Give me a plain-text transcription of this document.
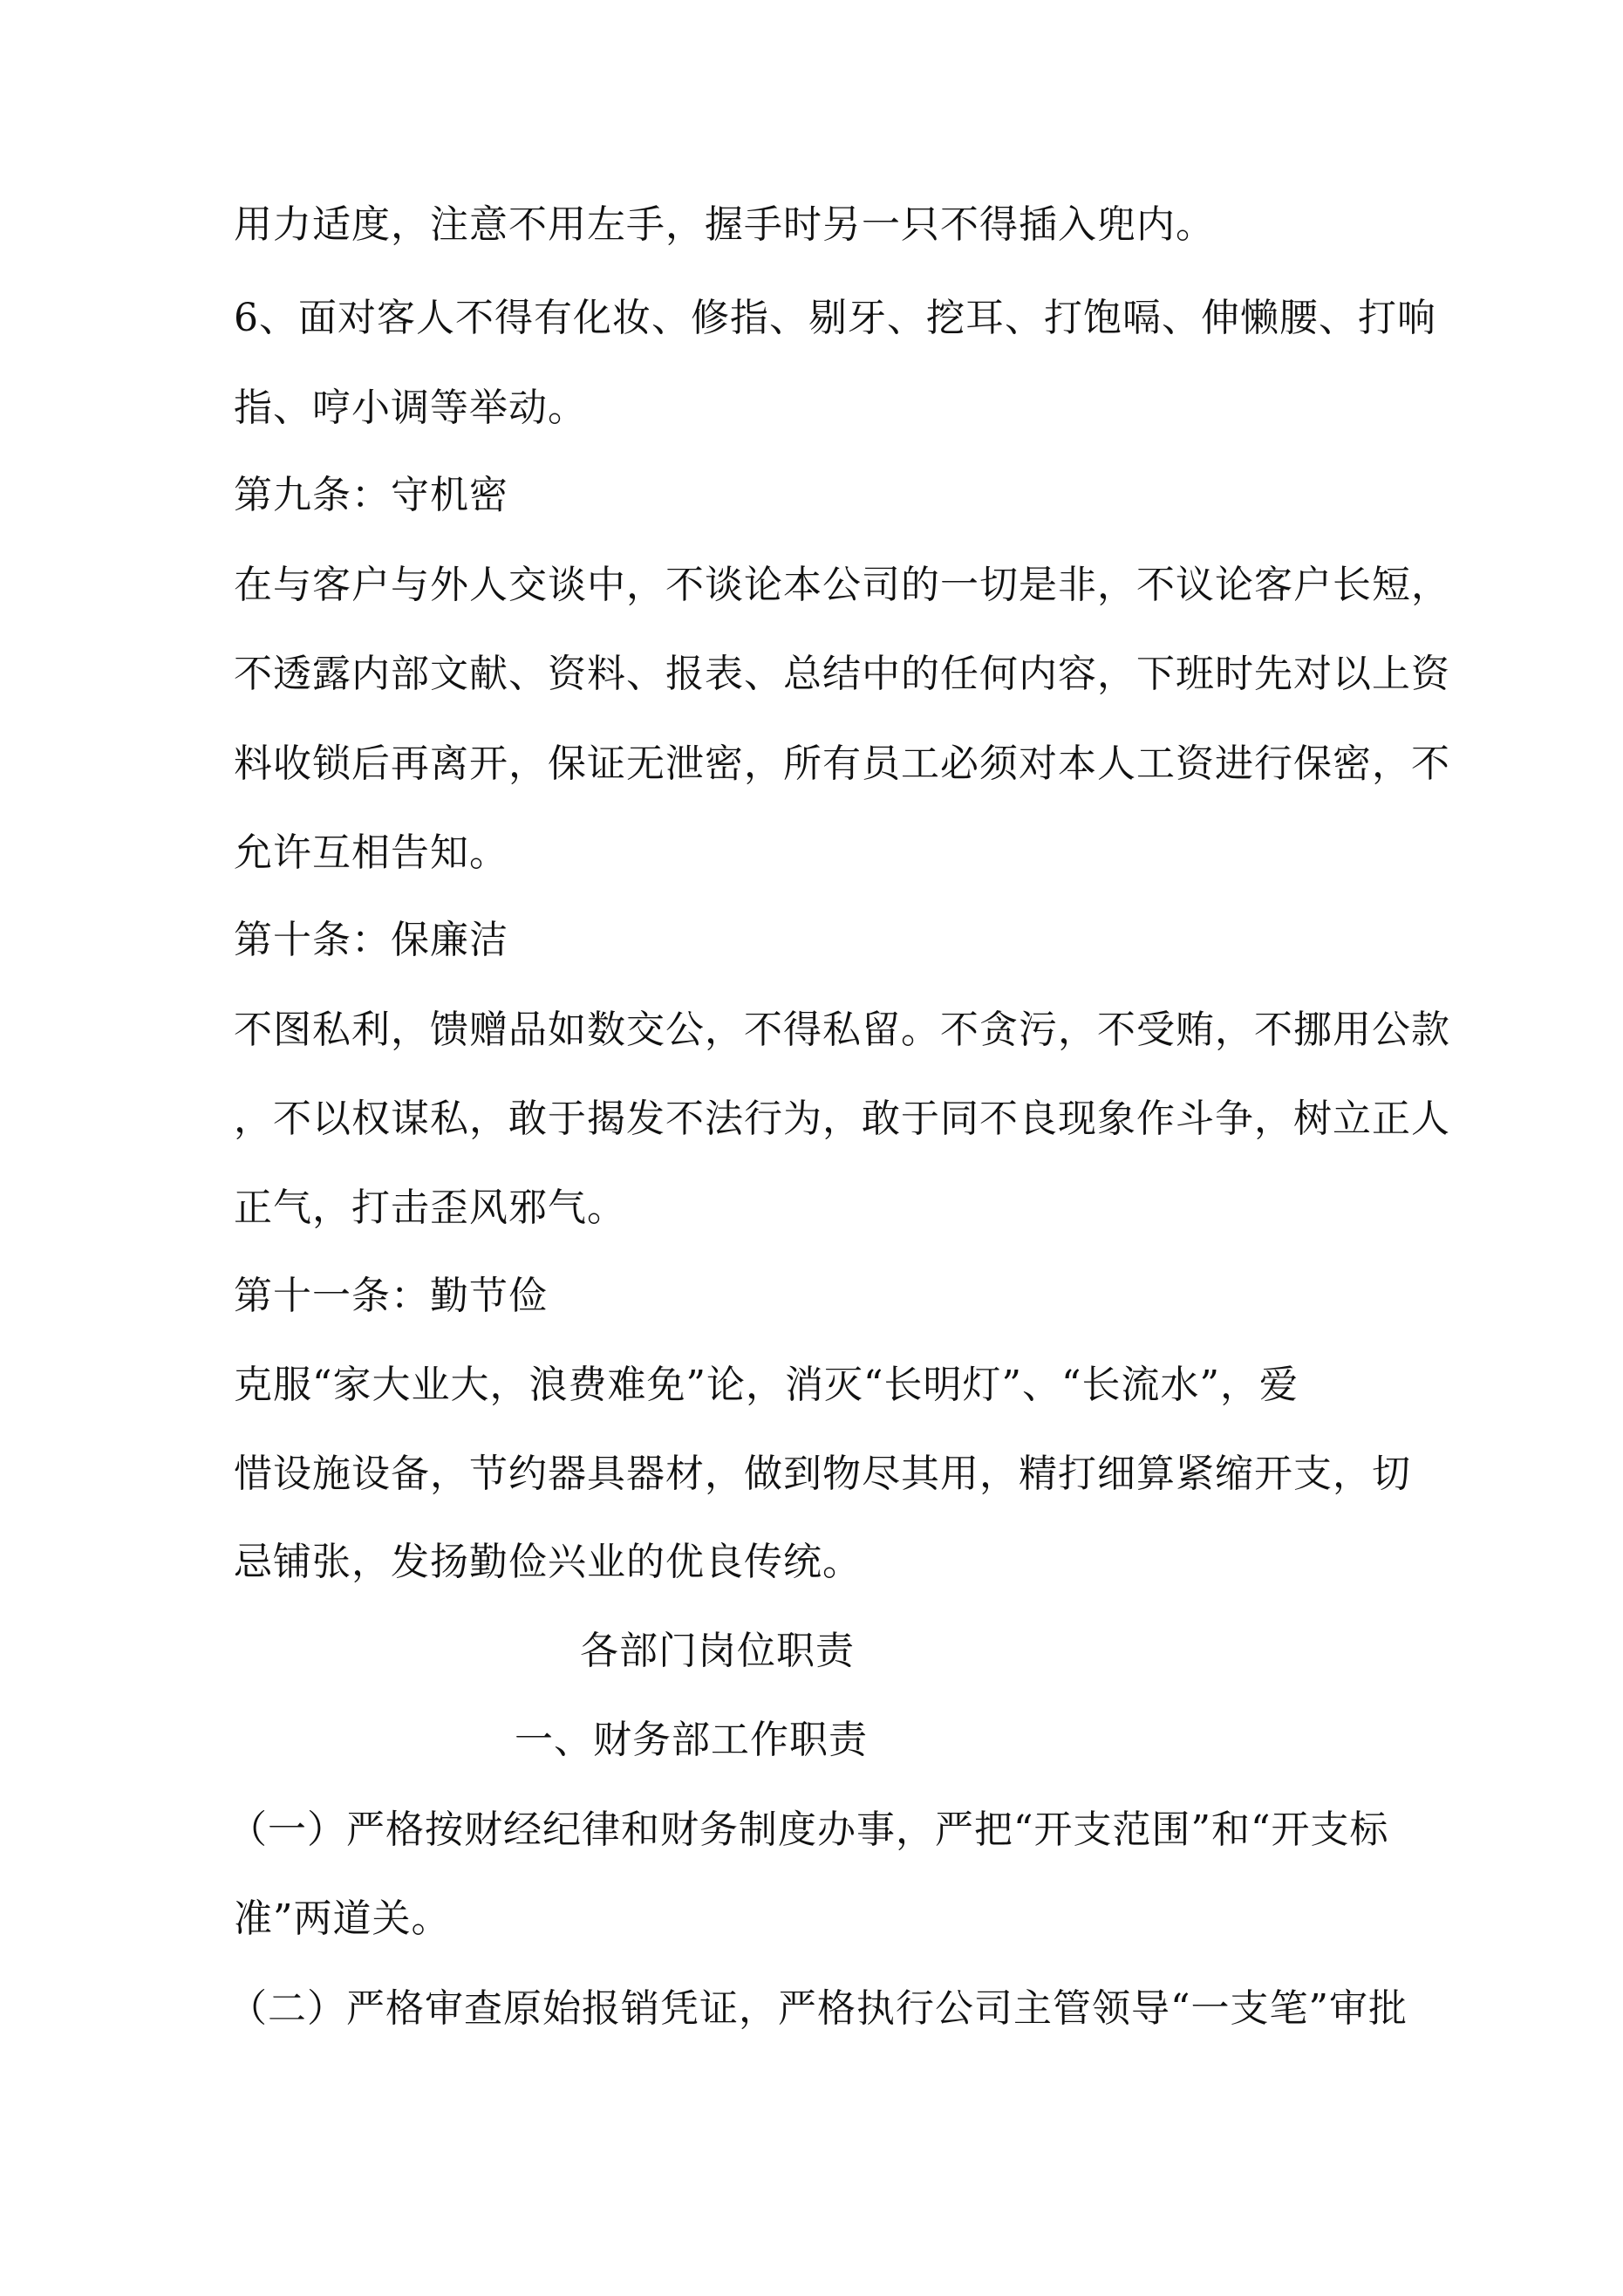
用力适度，注意不用左手，握手时另一只不得插入兜内。
6、面对客人不得有化妆、修指、剔牙、挖耳、打饱嗝、伸懒腰、打响
指、哼小调等举动。
第九条：守机密
在与客户与外人交谈中，不谈论本公司的一切是非，不议论客户长短，
不透露内部文献、资料、报表、总结中的任何内容，下班时先对以上资
料收锁后再离开，保证无泄密，所有员工必须对本人工资进行保密，不
允许互相告知。
第十条：保廉洁
不图私利，馈赠品如数交公，不得私留。不贪污，不受贿，不挪用公款
，不以权谋私，敢于揭发不法行为，敢于同不良现象作斗争，树立正人
正气，打击歪风邪气。
第十一条：勤节俭
克服“家大业大，浪费难免”论，消灭“长明灯”、“长流水”，爱
惜设施设备，节约器具器材，做到物尽其用，精打细算紧缩开支，切
忌铺张，发扬勤俭兴业的优良传统。
各部门岗位职责
一、财务部工作职责
（一）严格按财经纪律和财务制度办事，严把“开支范围”和“开支标
准”两道关。
（二）严格审查原始报销凭证，严格执行公司主管领导“一支笔”审批
